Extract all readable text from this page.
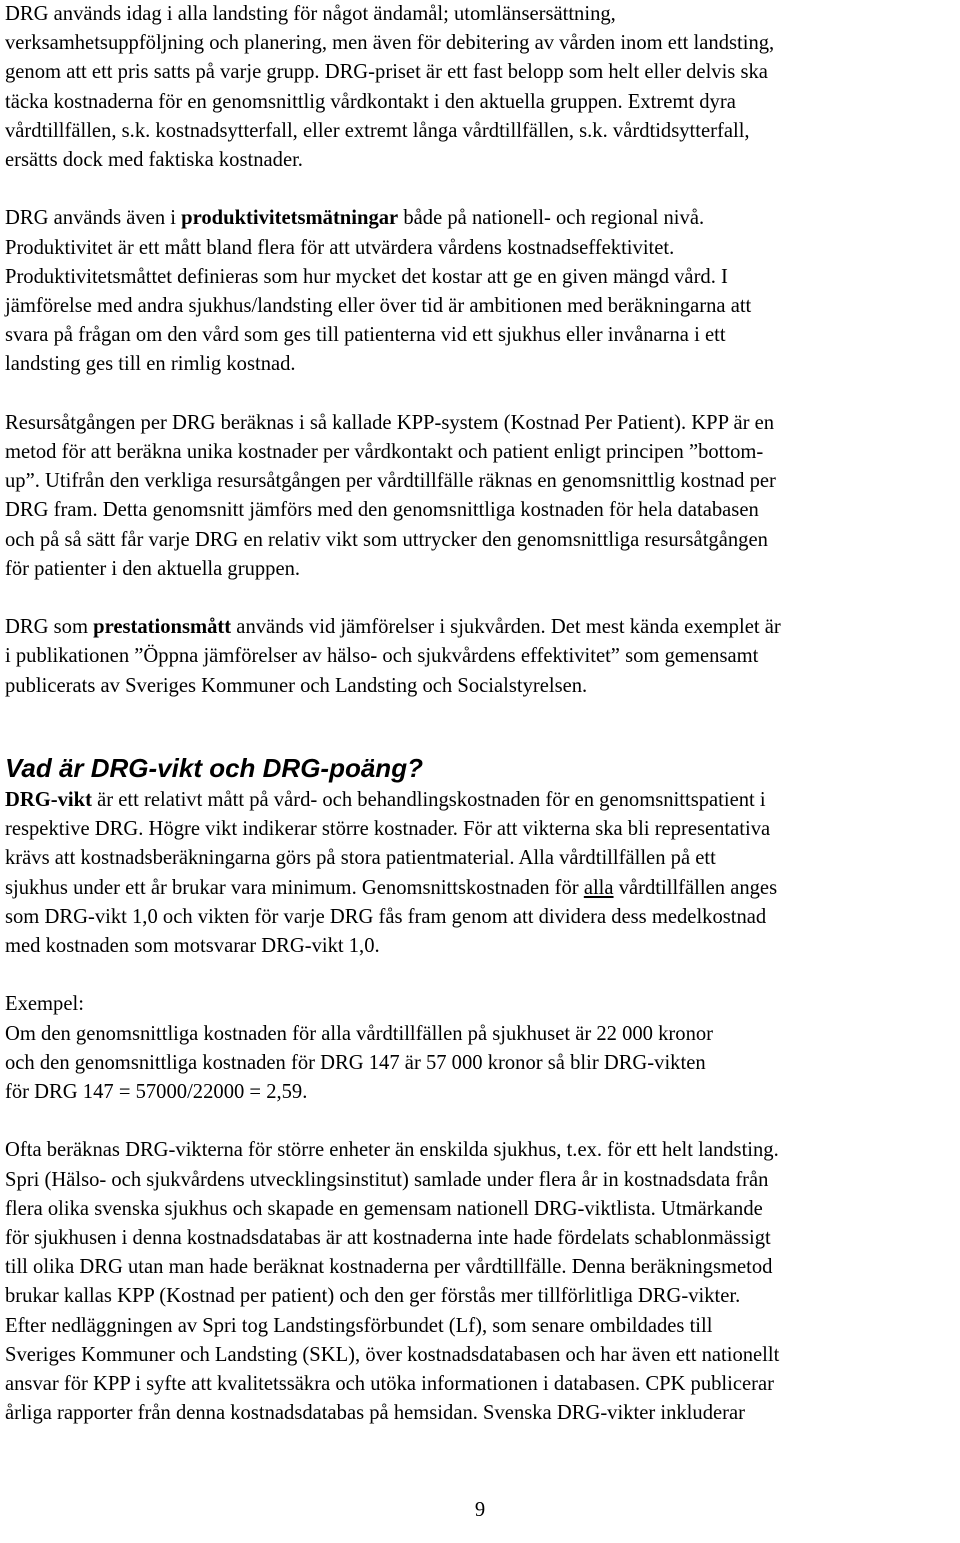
DRG används idag i alla landsting för något ändamål; utomlänsersättning,
verksamhetsuppföljning och planering, men även för debitering av vården inom ett landsting,
genom att ett pris satts på varje grupp. DRG-priset är ett fast belopp som helt eller delvis ska
täcka kostnaderna för en genomsnittlig vårdkontakt i den aktuella gruppen. Extremt dyra
vårdtillfällen, s.k. kostnadsytterfall, eller extremt långa vårdtillfällen, s.k. vårdtidsytterfall,
ersätts dock med faktiska kostnader.

DRG används även i produktivitetsmätningar både på nationell- och regional nivå.
Produktivitet är ett mått bland flera för att utvärdera vårdens kostnadseffektivitet.
Produktivitetsmåttet definieras som hur mycket det kostar att ge en given mängd vård. I
jämförelse med andra sjukhus/landsting eller över tid är ambitionen med beräkningarna att
svara på frågan om den vård som ges till patienterna vid ett sjukhus eller invånarna i ett
landsting ges till en rimlig kostnad.

Resursåtgången per DRG beräknas i så kallade KPP-system (Kostnad Per Patient). KPP är en
metod för att beräkna unika kostnader per vårdkontakt och patient enligt principen ”bottom-
up”. Utifrån den verkliga resursåtgången per vårdtillfälle räknas en genomsnittlig kostnad per
DRG fram. Detta genomsnitt jämförs med den genomsnittliga kostnaden för hela databasen
och på så sätt får varje DRG en relativ vikt som uttrycker den genomsnittliga resursåtgången
för patienter i den aktuella gruppen.

DRG som prestationsmått används vid jämförelser i sjukvården. Det mest kända exemplet är
i publikationen ”Öppna jämförelser av hälso- och sjukvårdens effektivitet” som gemensamt
publicerats av Sveriges Kommuner och Landsting och Socialstyrelsen.

Vad är DRG-vikt och DRG-poäng?

DRG-vikt är ett relativt mått på vård- och behandlingskostnaden för en genomsnittspatient i
respektive DRG. Högre vikt indikerar större kostnader. För att vikterna ska bli representativa
krävs att kostnadsberäkningarna görs på stora patientmaterial. Alla vårdtillfällen på ett
sjukhus under ett år brukar vara minimum. Genomsnittskostnaden för alla vårdtillfällen anges
som DRG-vikt 1,0 och vikten för varje DRG fås fram genom att dividera dess medelkostnad
med kostnaden som motsvarar DRG-vikt 1,0.

Exempel:
Om den genomsnittliga kostnaden för alla vårdtillfällen på sjukhuset är 22 000 kronor
och den genomsnittliga kostnaden för DRG 147 är 57 000 kronor så blir DRG-vikten
för DRG 147 = 57000/22000 = 2,59.

Ofta beräknas DRG-vikterna för större enheter än enskilda sjukhus, t.ex. för ett helt landsting.
Spri (Hälso- och sjukvårdens utvecklingsinstitut) samlade under flera år in kostnadsdata från
flera olika svenska sjukhus och skapade en gemensam nationell DRG-viktlista. Utmärkande
för sjukhusen i denna kostnadsdatabas är att kostnaderna inte hade fördelats schablonmässigt
till olika DRG utan man hade beräknat kostnaderna per vårdtillfälle. Denna beräkningsmetod
brukar kallas KPP (Kostnad per patient) och den ger förstås mer tillförlitliga DRG-vikter.
Efter nedläggningen av Spri tog Landstingsförbundet (Lf), som senare ombildades till
Sveriges Kommuner och Landsting (SKL), över kostnadsdatabasen och har även ett nationellt
ansvar för KPP i syfte att kvalitetssäkra och utöka informationen i databasen. CPK publicerar
årliga rapporter från denna kostnadsdatabas på hemsidan. Svenska DRG-vikter inkluderar

9
